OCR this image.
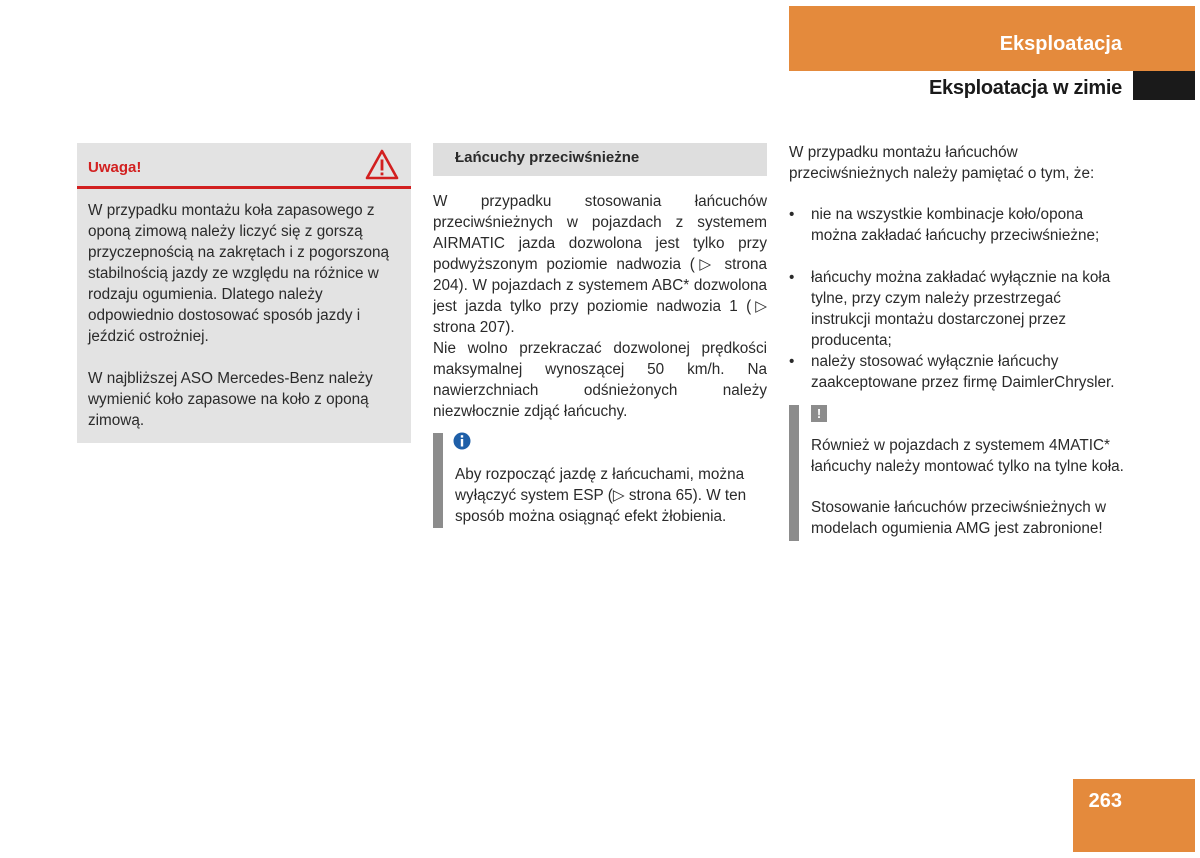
Eksploatacja
Eksploatacja w zimie
Uwaga!
W przypadku montażu koła zapasowego z oponą zimową należy liczyć się z gorszą przyczepnością na zakrętach i z pogorszoną stabilnością jazdy ze względu na różnice w rodzaju ogumienia. Dlatego należy odpowiednio dostosować sposób jazdy i jeździć ostrożniej.
W najbliższej ASO Mercedes-Benz należy wymienić koło zapasowe na koło z oponą zimową.
Łańcuchy przeciwśnieżne
W przypadku stosowania łańcuchów przeciwśnieżnych w pojazdach z systemem AIRMATIC jazda dozwolona jest tylko przy podwyższonym poziomie nadwozia (▷ strona 204). W pojazdach z systemem ABC* dozwolona jest jazda tylko przy poziomie nadwozia 1 (▷ strona 207).
Nie wolno przekraczać dozwolonej prędkości maksymalnej wynoszącej 50 km/h. Na nawierzchniach odśnieżonych należy niezwłocznie zdjąć łańcuchy.
Aby rozpocząć jazdę z łańcuchami, można wyłączyć system ESP (▷ strona 65). W ten sposób można osiągnąć efekt żłobienia.
W przypadku montażu łańcuchów przeciwśnieżnych należy pamiętać o tym, że:
• nie na wszystkie kombinacje koło/opona można zakładać łańcuchy przeciwśnieżne;
• łańcuchy można zakładać wyłącznie na koła tylne, przy czym należy przestrzegać instrukcji montażu dostarczonej przez producenta;
• należy stosować wyłącznie łańcuchy zaakceptowane przez firmę DaimlerChrysler.
!
Również w pojazdach z systemem 4MATIC* łańcuchy należy montować tylko na tylne koła.
Stosowanie łańcuchów przeciwśnieżnych w modelach ogumienia AMG jest zabronione!
263
